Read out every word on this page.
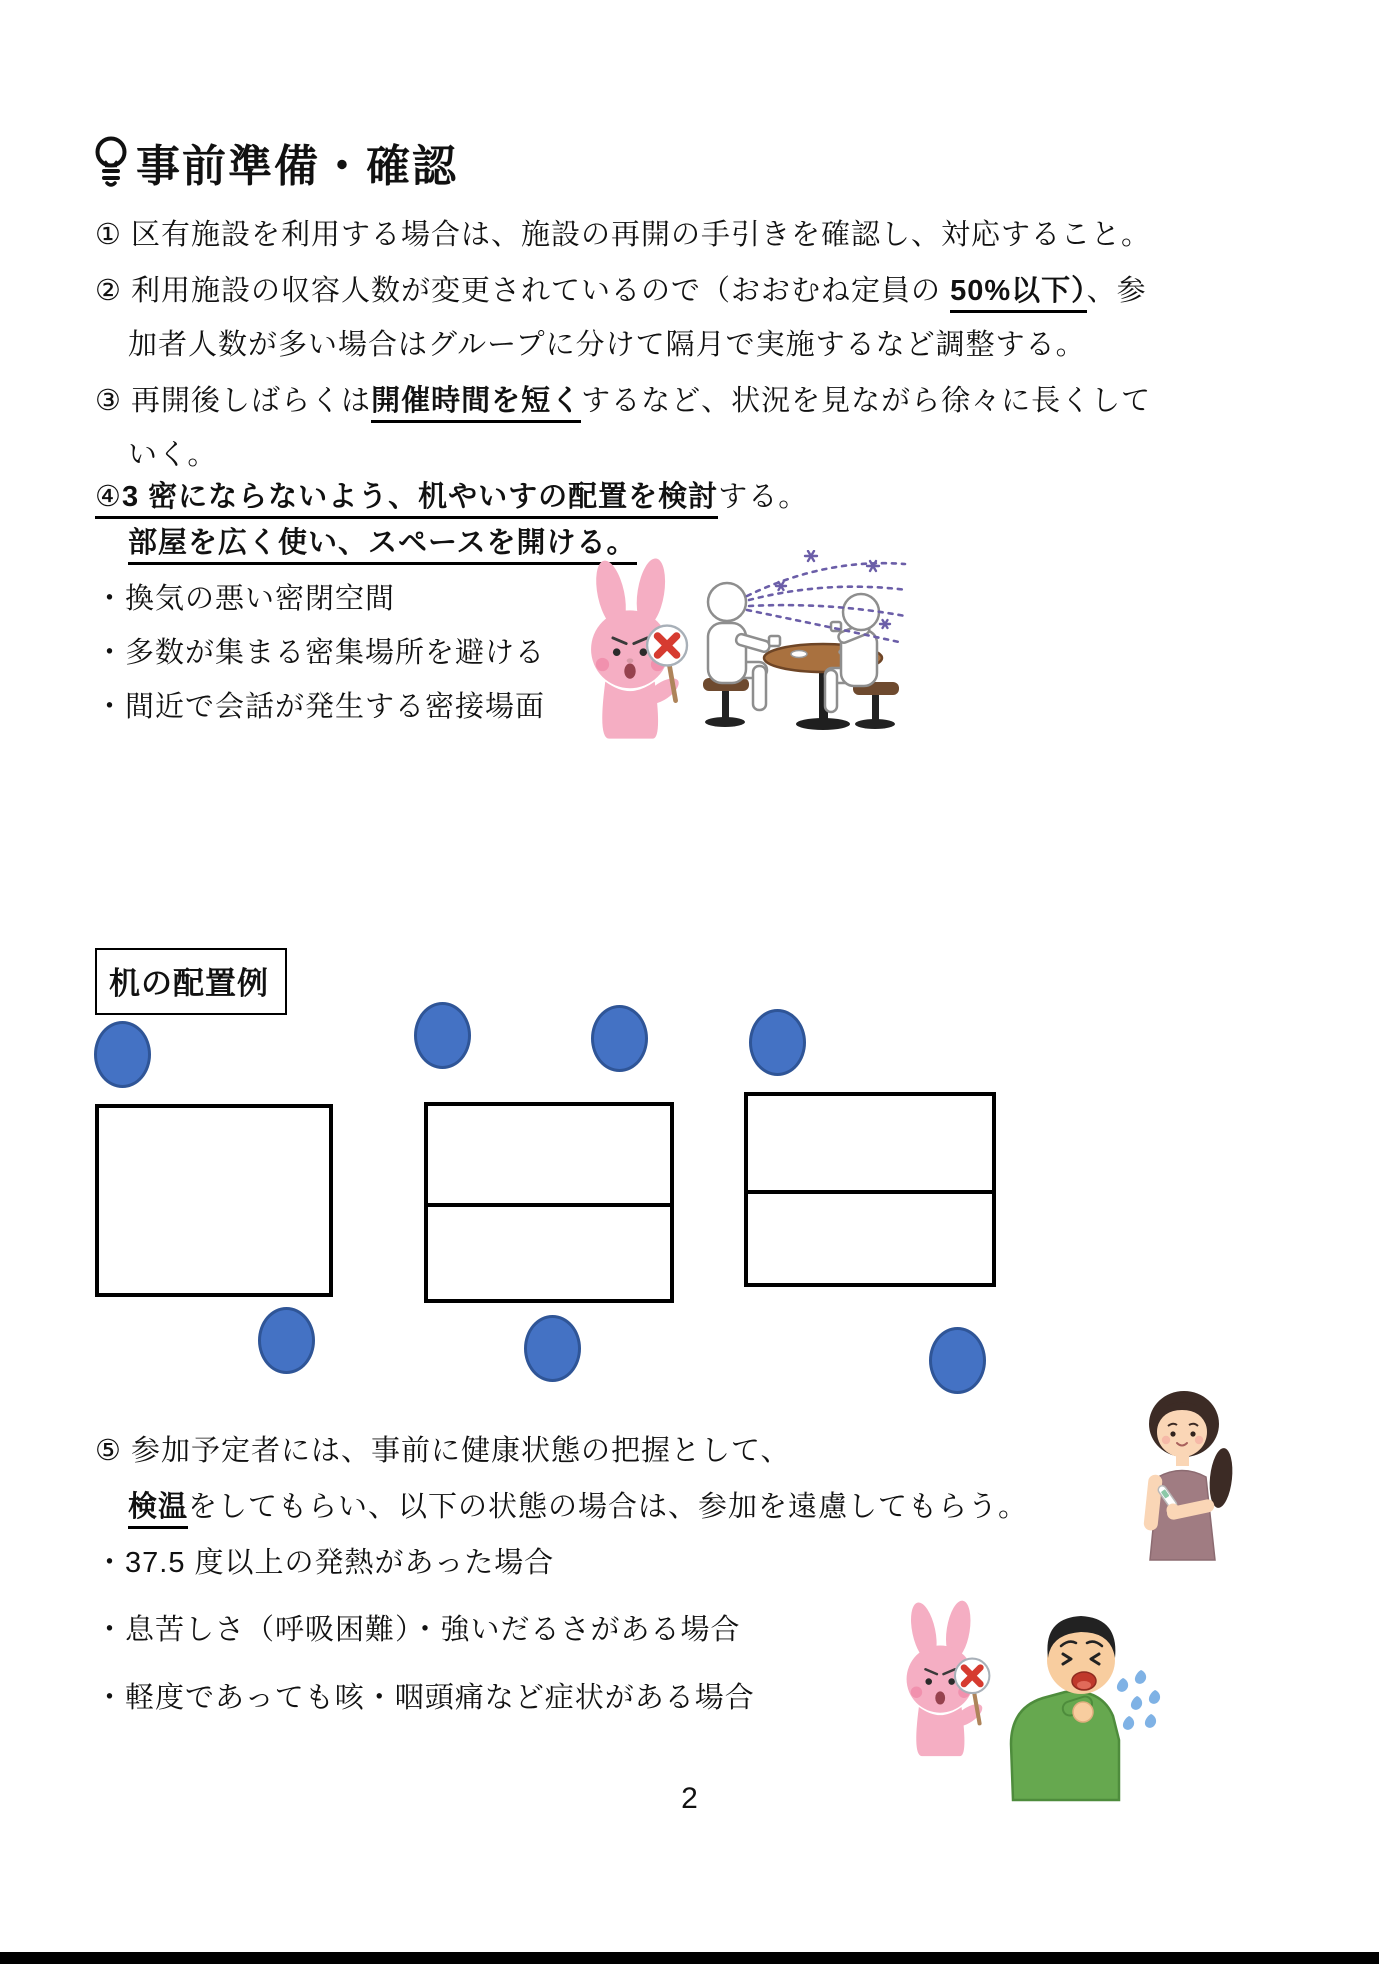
事前準備・確認
① 区有施設を利用する場合は、施設の再開の手引きを確認し、対応すること。
② 利用施設の収容人数が変更されているので（おおむね定員の 50%以下）、参
加者人数が多い場合はグループに分けて隔月で実施するなど調整する。
③ 再開後しばらくは開催時間を短くするなど、状況を見ながら徐々に長くして
いく。
④3 密にならないよう、机やいすの配置を検討する。
部屋を広く使い、スペースを開ける。
・換気の悪い密閉空間
・多数が集まる密集場所を避ける
・間近で会話が発生する密接場面
机の配置例
⑤ 参加予定者には、事前に健康状態の把握として、
検温をしてもらい、以下の状態の場合は、参加を遠慮してもらう。
・37.5 度以上の発熱があった場合
・息苦しさ（呼吸困難）・強いだるさがある場合
・軽度であっても咳・咽頭痛など症状がある場合
2
